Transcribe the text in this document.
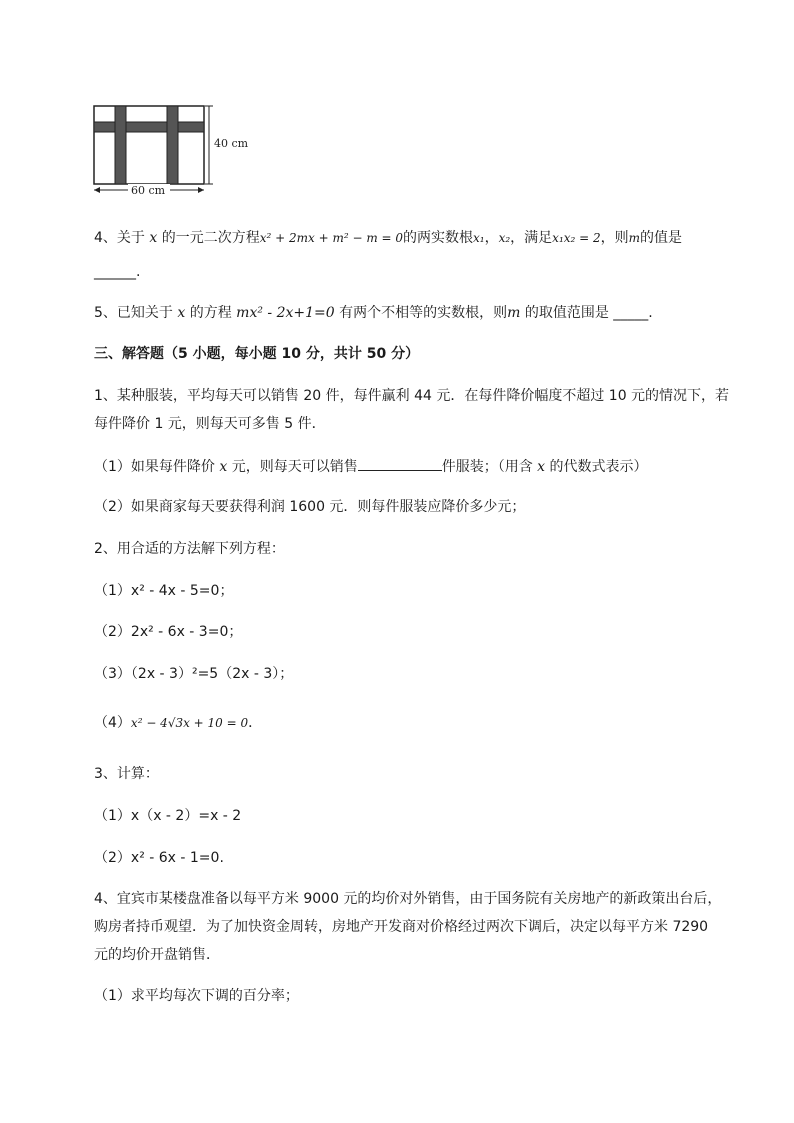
40 cm
60 cm
4、关于 x 的一元二次方程x² + 2mx + m² − m = 0的两实数根x₁，x₂，满足x₁x₂ = 2，则m的值是
______.
5、已知关于 x 的方程 mx² - 2x+1=0 有两个不相等的实数根，则m 的取值范围是 _____.
三、解答题（5 小题，每小题 10 分，共计 50 分）
1、某种服装，平均每天可以销售 20 件，每件赢利 44 元．在每件降价幅度不超过 10 元的情况下，若
每件降价 1 元，则每天可多售 5 件．
（1）如果每件降价 x 元，则每天可以销售	件服装；（用含 x 的代数式表示）
（2）如果商家每天要获得利润 1600 元．则每件服装应降价多少元；
2、用合适的方法解下列方程：
（1）x² - 4x - 5=0；
（2）2x² - 6x - 3=0；
（3）（2x - 3）²=5（2x - 3）；
（4）x² − 4√3x + 10 = 0．
3、计算：
（1）x（x - 2）=x - 2
（2）x² - 6x - 1=0.
4、宜宾市某楼盘准备以每平方米 9000 元的均价对外销售，由于国务院有关房地产的新政策出台后，
购房者持币观望．为了加快资金周转，房地产开发商对价格经过两次下调后，决定以每平方米 7290
元的均价开盘销售．
（1）求平均每次下调的百分率；
